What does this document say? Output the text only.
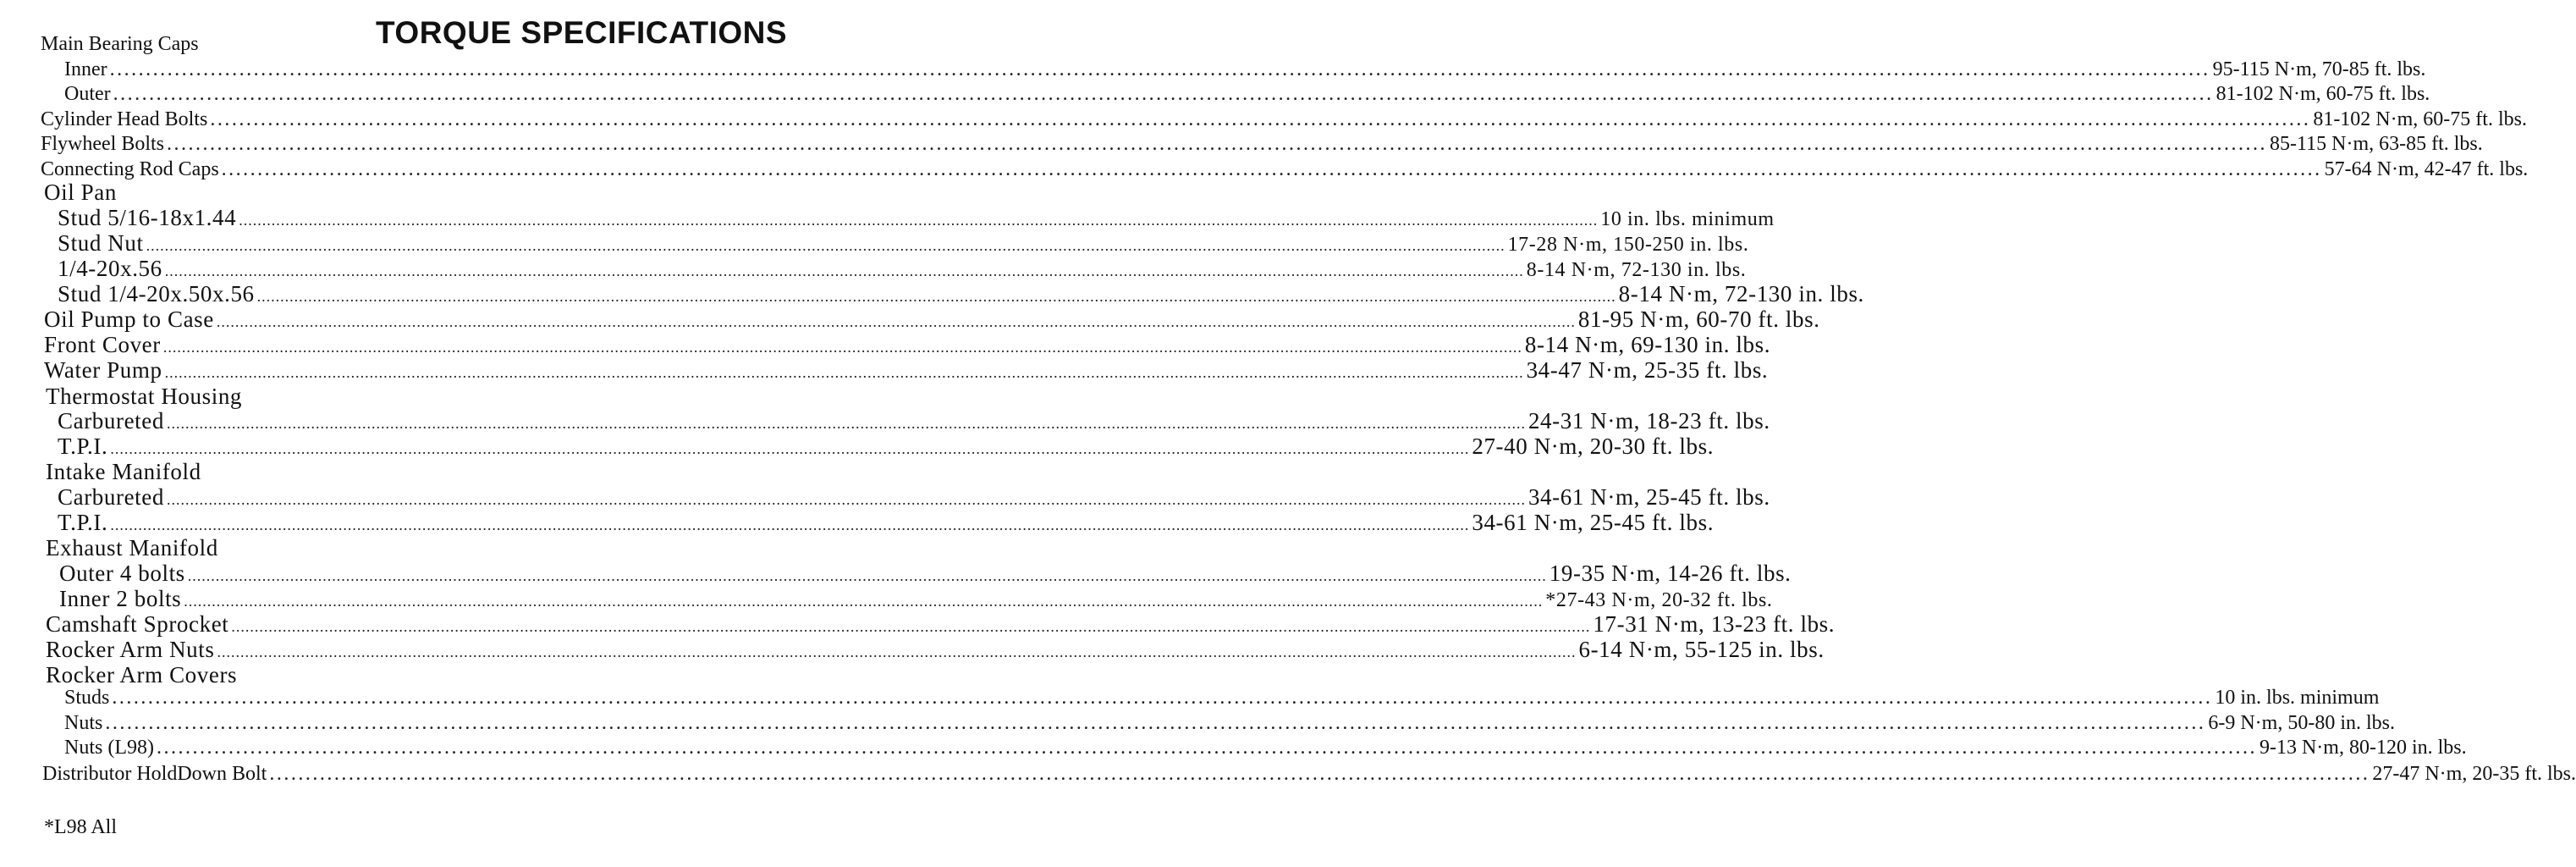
TORQUE SPECIFICATIONS
Main Bearing Caps
Inner .................................................................................................................................................................................................................................................................................................... 95-115 N·m, 70-85 ft. lbs.
Outer .................................................................................................................................................................................................................................................................................................... 81-102 N·m, 60-75 ft. lbs.
Cylinder Head Bolts .................................................................................................................................................................................................................................................................................................... 81-102 N·m, 60-75 ft. lbs.
Flywheel Bolts .................................................................................................................................................................................................................................................................................................... 85-115 N·m, 63-85 ft. lbs.
Connecting Rod Caps .................................................................................................................................................................................................................................................................................................... 57-64 N·m, 42-47 ft. lbs.
Oil Pan
Stud 5/16-18x1.44 .................................................................................................................................................................................................................................................................................................... 10 in. lbs. minimum
Stud Nut .................................................................................................................................................................................................................................................................................................... 17-28 N·m, 150-250 in. lbs.
1/4-20x.56 .................................................................................................................................................................................................................................................................................................... 8-14 N·m, 72-130 in. lbs.
Stud 1/4-20x.50x.56 .................................................................................................................................................................................................................................................................................................... 8-14 N·m, 72-130 in. lbs.
Oil Pump to Case .................................................................................................................................................................................................................................................................................................... 81-95 N·m, 60-70 ft. lbs.
Front Cover .................................................................................................................................................................................................................................................................................................... 8-14 N·m, 69-130 in. lbs.
Water Pump .................................................................................................................................................................................................................................................................................................... 34-47 N·m, 25-35 ft. lbs.
Thermostat Housing
Carbureted .................................................................................................................................................................................................................................................................................................... 24-31 N·m, 18-23 ft. lbs.
T.P.I. .................................................................................................................................................................................................................................................................................................... 27-40 N·m, 20-30 ft. lbs.
Intake Manifold
Carbureted .................................................................................................................................................................................................................................................................................................... 34-61 N·m, 25-45 ft. lbs.
T.P.I. .................................................................................................................................................................................................................................................................................................... 34-61 N·m, 25-45 ft. lbs.
Exhaust Manifold
Outer 4 bolts .................................................................................................................................................................................................................................................................................................... 19-35 N·m, 14-26 ft. lbs.
Inner 2 bolts .................................................................................................................................................................................................................................................................................................... *27-43 N·m, 20-32 ft. lbs.
Camshaft Sprocket .................................................................................................................................................................................................................................................................................................... 17-31 N·m, 13-23 ft. lbs.
Rocker Arm Nuts .................................................................................................................................................................................................................................................................................................... 6-14 N·m, 55-125 in. lbs.
Rocker Arm Covers
Studs .................................................................................................................................................................................................................................................................................................... 10 in. lbs. minimum
Nuts .................................................................................................................................................................................................................................................................................................... 6-9 N·m, 50-80 in. lbs.
Nuts (L98) .................................................................................................................................................................................................................................................................................................... 9-13 N·m, 80-120 in. lbs.
Distributor HoldDown Bolt .................................................................................................................................................................................................................................................................................................... 27-47 N·m, 20-35 ft. lbs.
*L98 All
